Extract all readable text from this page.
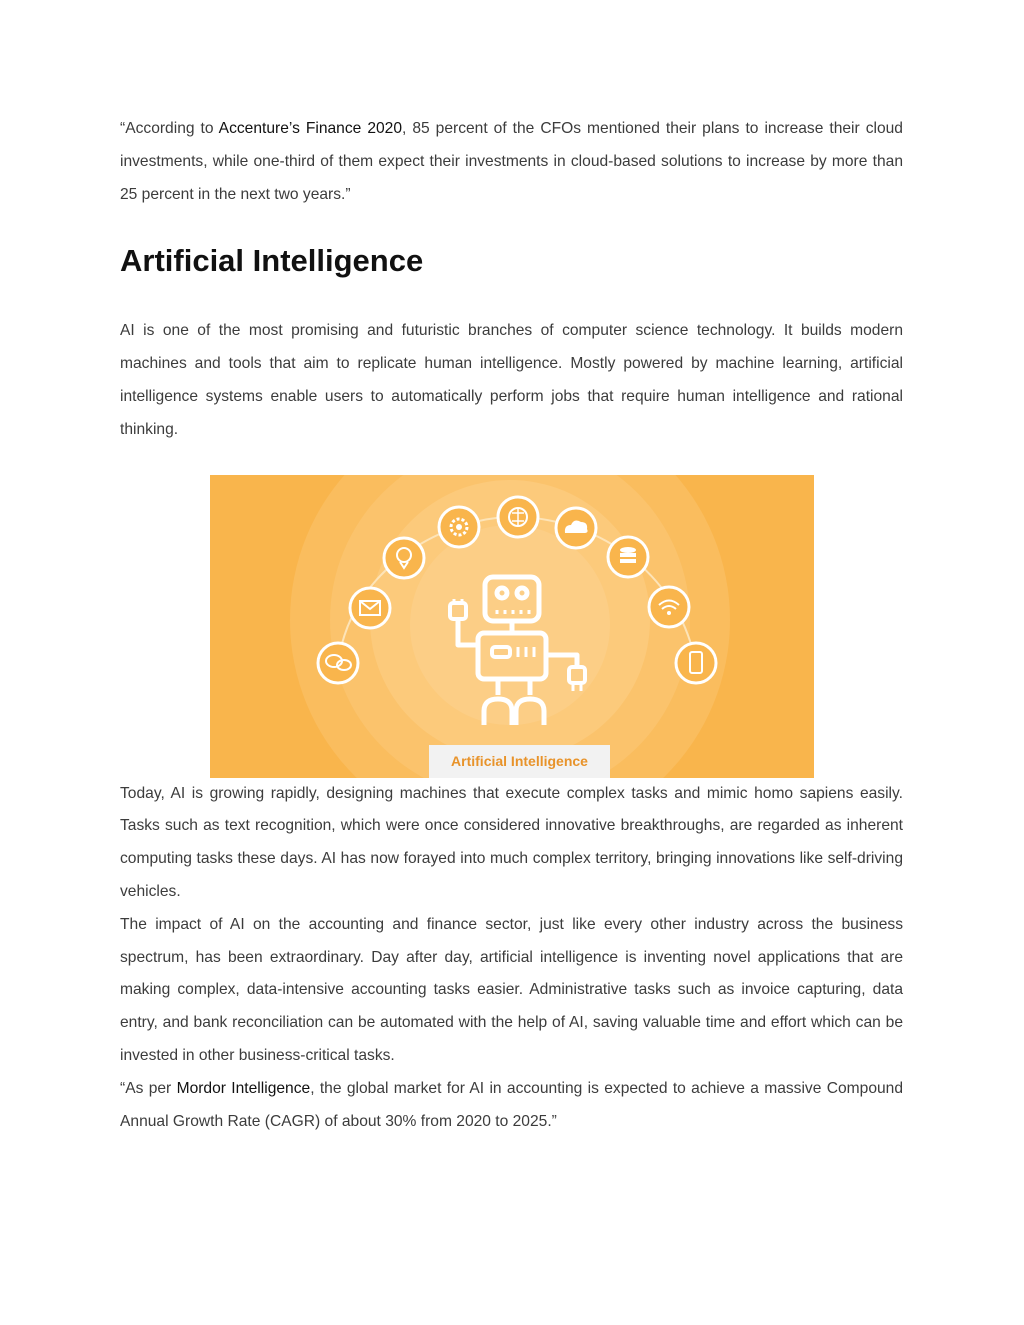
“According to Accenture’s Finance 2020, 85 percent of the CFOs mentioned their plans to increase their cloud investments, while one-third of them expect their investments in cloud-based solutions to increase by more than 25 percent in the next two years.”

Artificial Intelligence

AI is one of the most promising and futuristic branches of computer science technology. It builds modern machines and tools that aim to replicate human intelligence. Mostly powered by machine learning, artificial intelligence systems enable users to automatically perform jobs that require human intelligence and rational thinking.

Artificial Intelligence

Today, AI is growing rapidly, designing machines that execute complex tasks and mimic homo sapiens easily. Tasks such as text recognition, which were once considered innovative breakthroughs, are regarded as inherent computing tasks these days. AI has now forayed into much complex territory, bringing innovations like self-driving vehicles.

The impact of AI on the accounting and finance sector, just like every other industry across the business spectrum, has been extraordinary. Day after day, artificial intelligence is inventing novel applications that are making complex, data-intensive accounting tasks easier. Administrative tasks such as invoice capturing, data entry, and bank reconciliation can be automated with the help of AI, saving valuable time and effort which can be invested in other business-critical tasks.

“As per Mordor Intelligence, the global market for AI in accounting is expected to achieve a massive Compound Annual Growth Rate (CAGR) of about 30% from 2020 to 2025.”
